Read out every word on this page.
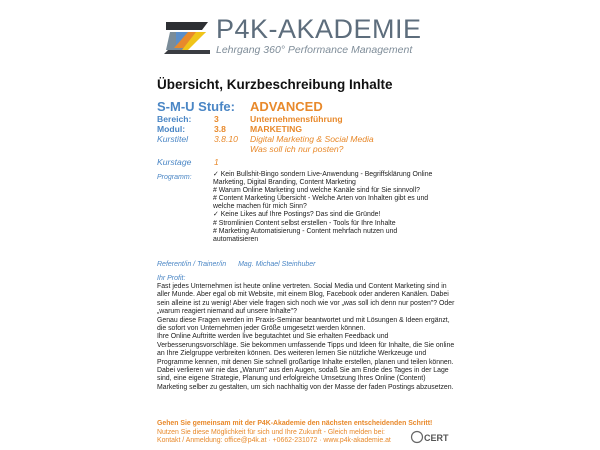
P4K-AKADEMIE
Lehrgang 360° Performance Management
Übersicht, Kurzbeschreibung Inhalte
S-M-U Stufe: ADVANCED
Bereich:	3	Unternehmensführung
Modul:	3.8	MARKETING
Kurstitel	3.8.10	Digital Marketing & Social Media
Was soll ich nur posten?
Kurstage	1
Programm:	✓ Kein Bullshit-Bingo sondern Live-Anwendung - Begriffsklärung Online
Marketing, Digital Branding, Content Marketing
# Warum Online Marketing und welche Kanäle sind für Sie sinnvoll?
# Content Marketing Übersicht - Welche Arten von Inhalten gibt es und
welche machen für mich Sinn?
✓ Keine Likes auf Ihre Postings? Das sind die Gründe!
# Stromlinien Content selbst erstellen - Tools für Ihre Inhalte
# Marketing Automatisierung - Content mehrfach nutzen und
automatisieren
Referent/in / Trainer/in Mag. Michael Steinhuber
Ihr Profit:

Fast jedes Unternehmen ist heute online vertreten. Social Media und Content Marketing sind in aller Munde. Aber egal ob mit Website, mit einem Blog, Facebook oder anderen Kanälen. Dabei sein alleine ist zu wenig! Aber viele fragen sich noch wie vor „was soll ich denn nur posten"? Oder „warum reagiert niemand auf unsere Inhalte"?

Genau diese Fragen werden im Praxis-Seminar beantwortet und mit Lösungen & Ideen ergänzt, die sofort von Unternehmen jeder Größe umgesetzt werden können.

Ihre Online Auftritte werden live begutachtet und Sie erhalten Feedback und Verbesserungsvorschläge. Sie bekommen umfassende Tipps und Ideen für Inhalte, die Sie online an Ihre Zielgruppe verbreiten können. Des weiteren lernen Sie nützliche Werkzeuge und Programme kennen, mit denen Sie schnell großartige Inhalte erstellen, planen und teilen können. Dabei verlieren wir nie das „Warum" aus den Augen, sodaß Sie am Ende des Tages in der Lage sind, eine eigene Strategie, Planung und erfolgreiche Umsetzung Ihres Online (Content) Marketing selber zu gestalten, um sich nachhaltig von der Masse der faden Postings abzusetzen.

Gehen Sie gemeinsam mit der P4K-Akademie den nächsten entscheidenden Schritt!
Nutzen Sie diese Möglichkeit für sich und Ihre Zukunft - Gleich melden bei:
Kontakt / Anmeldung: office@p4k.at · +0662-231072 · www.p4k-akademie.at	CERT
